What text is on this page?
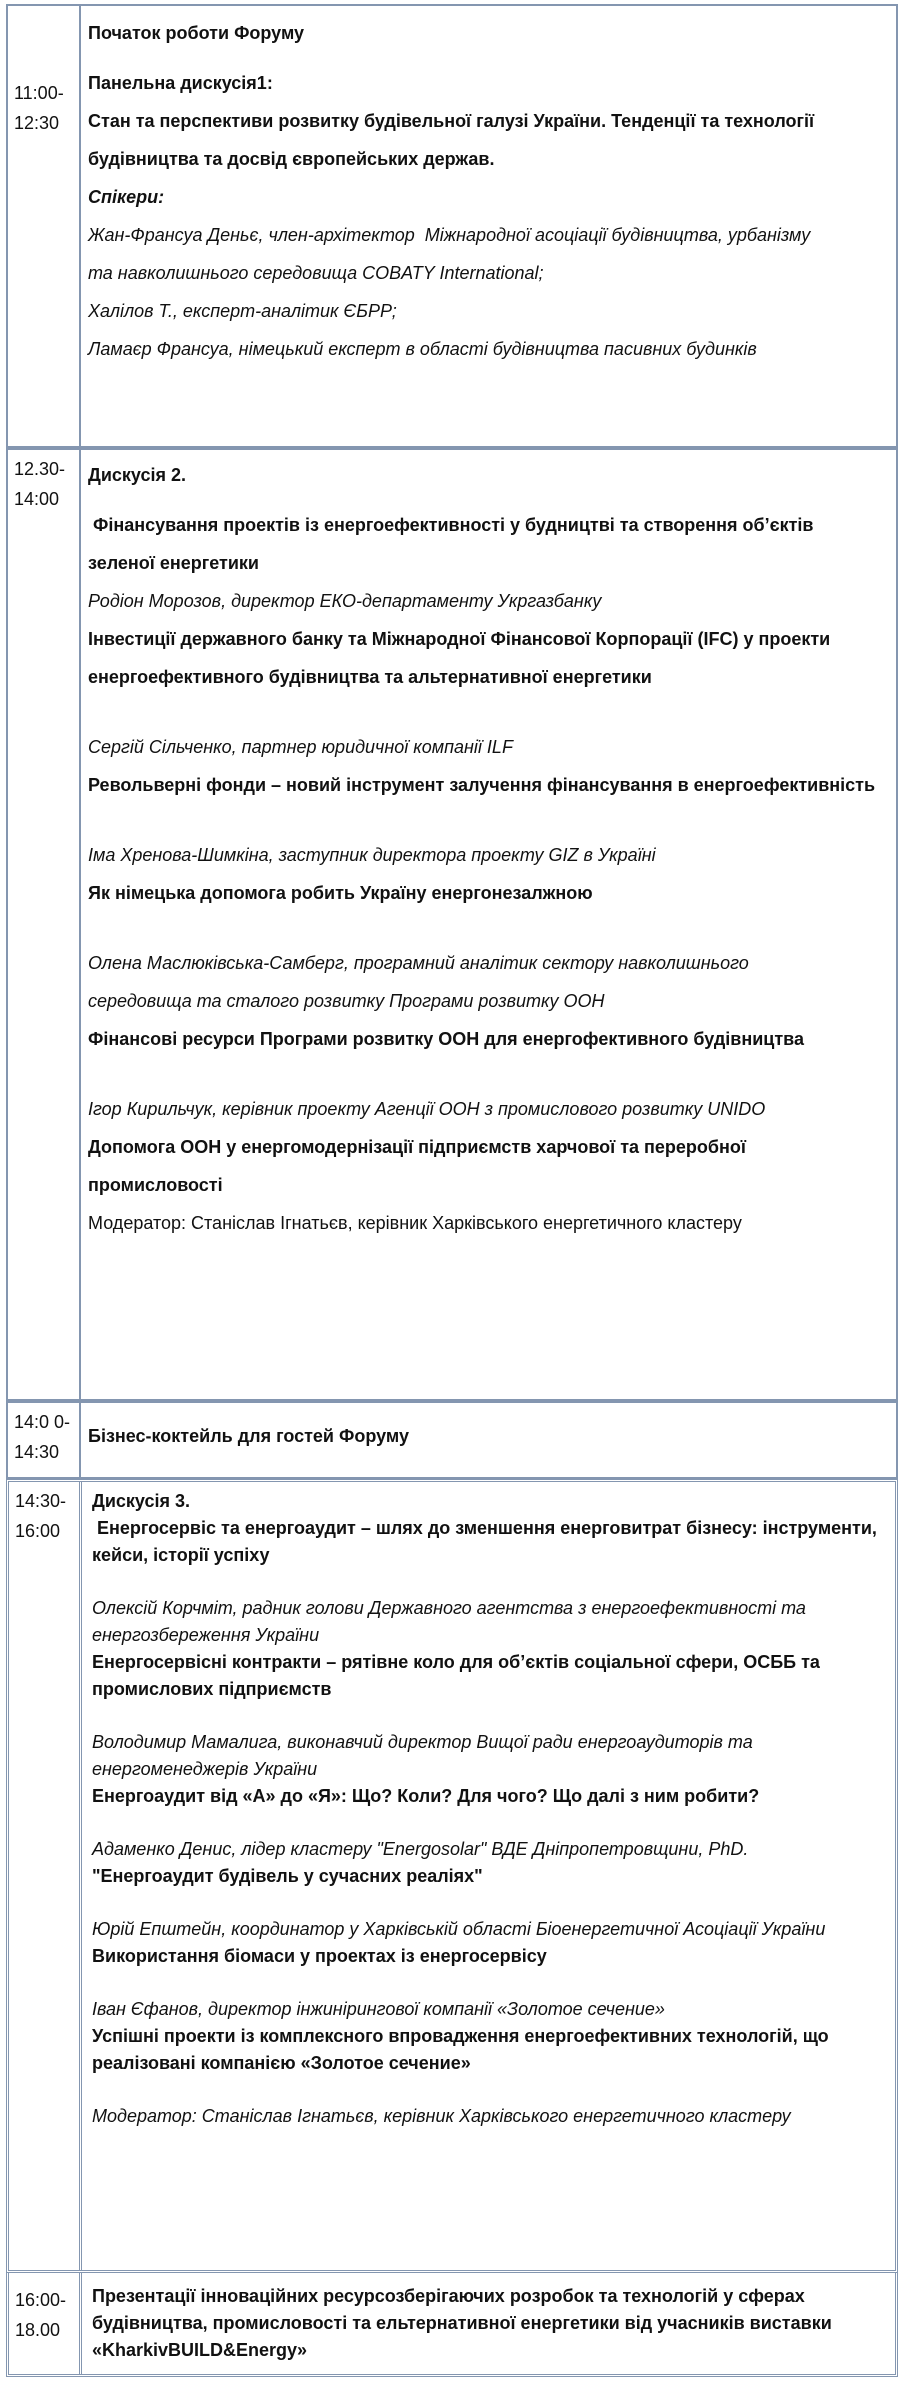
11:00-
12:30
Початок роботи Форуму
Панельна дискусія1:
Стан та перспективи розвитку будівельної галузі України. Тенденції та технології
будівництва та досвід європейських держав.
Спікери:
Жан-Франсуа Деньє, член-архітектор  Міжнародної асоціації будівництва, урбанізму
та навколишнього середовища COBATY International;
Халілов Т., експерт-аналітик ЄБРР;
Ламаєр Франсуа, німецький експерт в області будівництва пасивних будинків
12.30-
14:00
Дискусія 2.
Фінансування проектів із енергоефективності у будництві та створення об’єктів
зеленої енергетики
Родіон Морозов, директор ЕКО-департаменту Укргазбанку
Інвестиції державного банку та Міжнародної Фінансової Корпорації (IFC) у проекти
енергоефективного будівництва та альтернативної енергетики
Сергій Сільченко, партнер юридичної компанії ILF
Револьверні фонди – новий інструмент залучення фінансування в енергоефективність
Іма Хренова-Шимкіна, заступник директора проекту GIZ в Україні
Як німецька допомога робить Україну енергонезалжною
Олена Маслюківська-Самберг, програмний аналітик сектору навколишнього
середовища та сталого розвитку Програми розвитку ООН
Фінансові ресурси Програми розвитку ООН для енергофективного будівництва
Ігор Кирильчук, керівник проекту Агенції ООН з промислового розвитку UNIDO
Допомога ООН у енергомодернізації підприємств харчової та переробної
промисловості
Модератор: Станіслав Ігнатьєв, керівник Харківського енергетичного кластеру
14:0 0-
14:30
Бізнес-коктейль для гостей Форуму
14:30-
16:00
Дискусія 3.
Енергосервіс та енергоаудит – шлях до зменшення енерговитрат бізнесу: інструменти,
кейси, історії успіху
Олексій Корчміт, радник голови Державного агентства з енергоефективності та
енергозбереження України
Енергосервісні контракти – рятівне коло для об’єктів соціальної сфери, ОСББ та
промислових підприємств
Володимир Мамалига, виконавчий директор Вищої ради енергоаудиторів та
енергоменеджерів України
Енергоаудит від «А» до «Я»: Що? Коли? Для чого? Що далі з ним робити?
Адаменко Денис, лідер кластеру "Energosolar" ВДЕ Дніпропетровщини, PhD.
"Енергоаудит будівель у сучасних реаліях"
Юрій Епштейн, координатор у Харківській області Біоенергетичної Асоціації України
Використання біомаси у проектах із енергосервісу
Іван Єфанов, директор інжинірингової компанії «Золотое сечение»
Успішні проекти із комплексного впровадження енергоефективних технологій, що
реалізовані компанією «Золотое сечение»
Модератор: Станіслав Ігнатьєв, керівник Харківського енергетичного кластеру
16:00-
18.00
Презентації інноваційних ресурсозберігаючих розробок та технологій у сферах
будівництва, промисловості та ельтернативної енергетики від учасників виставки
«KharkivBUILD&Energy»
